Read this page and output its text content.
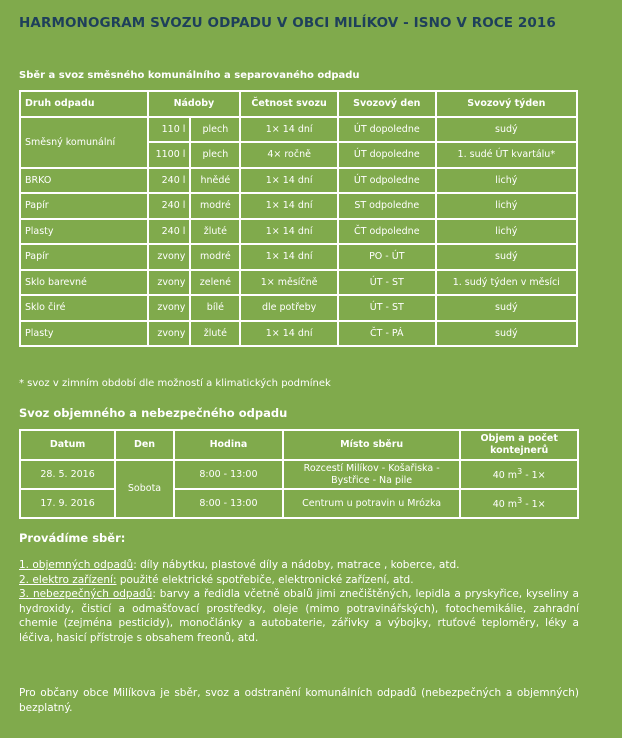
HARMONOGRAM SVOZU ODPADU V OBCI MILÍKOV - ISNO V ROCE 2016
Sběr a svoz směsného komunálního a separovaného odpadu
Druh odpadu	Nádoby		Četnost svozu	Svozový den	Svozový týden
Směsný komunální	110 l	plech	1× 14 dní	ÚT dopoledne	sudý
	1100 l	plech	4× ročně	ÚT dopoledne	1. sudé ÚT kvartálu*
BRKO	240 l	hnědé	1× 14 dní	ÚT odpoledne	lichý
Papír	240 l	modré	1× 14 dní	ST odpoledne	lichý
Plasty	240 l	žluté	1× 14 dní	ČT odpoledne	lichý
Papír	zvony	modré	1× 14 dní	PO - ÚT	sudý
Sklo barevné	zvony	zelené	1× měsíčně	ÚT - ST	1. sudý týden v měsíci
Sklo čiré	zvony	bílé	dle potřeby	ÚT - ST	sudý
Plasty	zvony	žluté	1× 14 dní	ČT - PÁ	sudý
* svoz v zimním období dle možností a klimatických podmínek
Svoz objemného a nebezpečného odpadu
Datum	Den	Hodina	Místo sběru	Objem a počet kontejnerů
28. 5. 2016	Sobota	8:00 - 13:00	Rozcestí Milíkov - Košařiska - Bystřice - Na pile	40 $m^3 - 1\times$
17. 9. 2016		8:00 - 13:00	Centrum u potravin u Mrózka	40 $m^3 - 1\times$
Provádíme sběr:
1. objemných odpadů: díly nábytku, plastové díly a nádoby, matrace , koberce, atd.
2. elektro zařízení: použité elektrické spotřebiče, elektronické zařízení, atd.
3. nebezpečných odpadů: barvy a ředidla včetně obalů jimi znečištěných, lepidla a pryskyřice, kyseliny a hydroxidy, čisticí a odmašťovací prostředky, oleje (mimo potravinářských), fotochemikálie, zahradní chemie (zejména pesticidy), monočlánky a autobaterie, zářivky a výbojky, rtuťové teploměry, léky a léčiva, hasicí přístroje s obsahem freonů, atd.
Pro občany obce Milíkova je sběr, svoz a odstranění komunálních odpadů (nebezpečných a objemných) bezplatný.
